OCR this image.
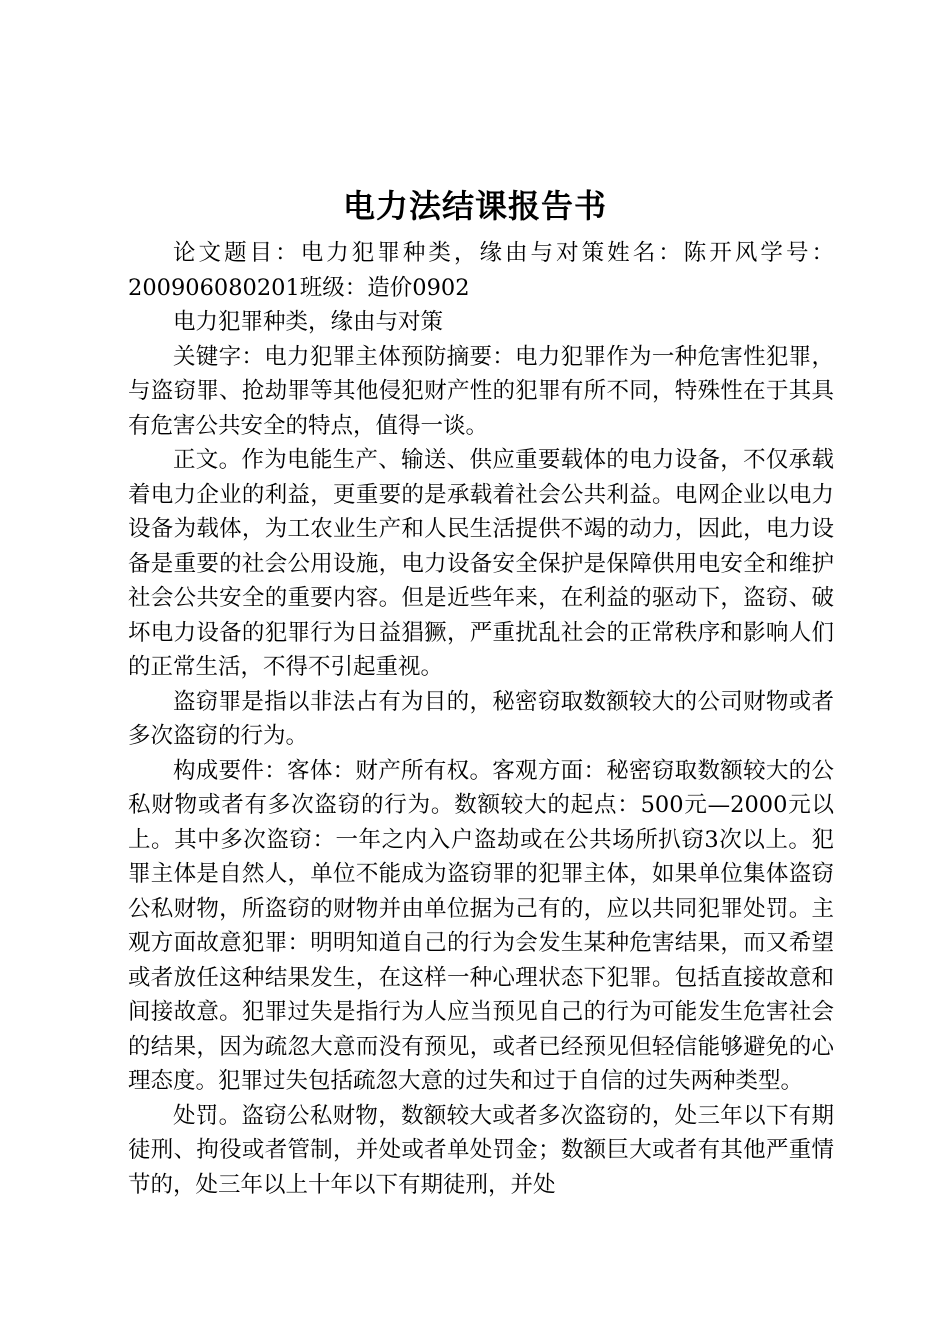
电力法结课报告书

论文题目：电力犯罪种类，缘由与对策姓名：陈开风学号：200906080201班级：造价0902

电力犯罪种类，缘由与对策

关键字：电力犯罪主体预防摘要：电力犯罪作为一种危害性犯罪，与盗窃罪、抢劫罪等其他侵犯财产性的犯罪有所不同，特殊性在于其具有危害公共安全的特点，值得一谈。

正文。作为电能生产、输送、供应重要载体的电力设备，不仅承载着电力企业的利益，更重要的是承载着社会公共利益。电网企业以电力设备为载体，为工农业生产和人民生活提供不竭的动力，因此，电力设备是重要的社会公用设施，电力设备安全保护是保障供用电安全和维护社会公共安全的重要内容。但是近些年来，在利益的驱动下，盗窃、破坏电力设备的犯罪行为日益猖獗，严重扰乱社会的正常秩序和影响人们的正常生活，不得不引起重视。

盗窃罪是指以非法占有为目的，秘密窃取数额较大的公司财物或者多次盗窃的行为。

构成要件：客体：财产所有权。客观方面：秘密窃取数额较大的公私财物或者有多次盗窃的行为。数额较大的起点：500元—2000元以上。其中多次盗窃：一年之内入户盗劫或在公共场所扒窃3次以上。犯罪主体是自然人，单位不能成为盗窃罪的犯罪主体，如果单位集体盗窃公私财物，所盗窃的财物并由单位据为己有的，应以共同犯罪处罚。主观方面故意犯罪：明明知道自己的行为会发生某种危害结果，而又希望或者放任这种结果发生，在这样一种心理状态下犯罪。包括直接故意和间接故意。犯罪过失是指行为人应当预见自己的行为可能发生危害社会的结果，因为疏忽大意而没有预见，或者已经预见但轻信能够避免的心理态度。犯罪过失包括疏忽大意的过失和过于自信的过失两种类型。

处罚。盗窃公私财物，数额较大或者多次盗窃的，处三年以下有期徒刑、拘役或者管制，并处或者单处罚金；数额巨大或者有其他严重情节的，处三年以上十年以下有期徒刑，并处
